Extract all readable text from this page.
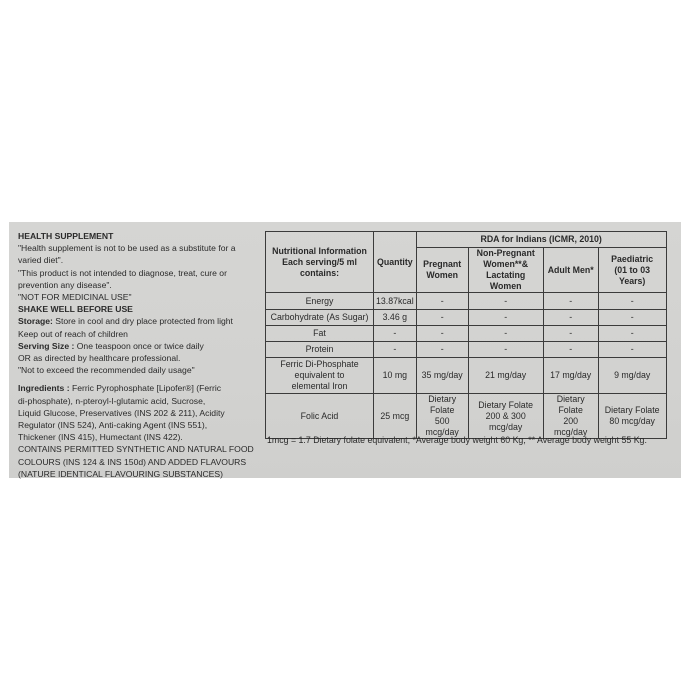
HEALTH SUPPLEMENT
"Health supplement is not to be used as a substitute for a
varied diet".
"This product is not intended to diagnose, treat, cure or
prevention any disease".
"NOT FOR MEDICINAL USE"
SHAKE WELL BEFORE USE
Storage: Store in cool and dry place protected from light
Keep out of reach of children
Serving Size : One teaspoon once or twice daily
OR as directed by healthcare professional.
"Not to exceed the recommended daily usage"
Ingredients : Ferric Pyrophosphate [Lipofer®] (Ferric
di-phosphate), n-pteroyl-l-glutamic acid, Sucrose,
Liquid Glucose, Preservatives (INS 202 & 211), Acidity
Regulator (INS 524), Anti-caking Agent (INS 551),
Thickener (INS 415), Humectant (INS 422).
CONTAINS PERMITTED SYNTHETIC AND NATURAL FOOD
COLOURS (INS 124 & INS 150d) AND ADDED FLAVOURS
(NATURE IDENTICAL FLAVOURING SUBSTANCES)
Nutritional Information
Each serving/5 ml contains:	Quantity	RDA for Indians (ICMR, 2010)			

		Pregnant
Women	Non-Pregnant
Women**&
Lactating Women	Adult Men*	Paediatric
(01 to 03 Years)

Energy	13.87kcal	-	-	-	-
Carbohydrate (As Sugar)	3.46 g	-	-	-	-
Fat	-	-	-	-	-
Protein	-	-	-	-	-

Ferric Di-Phosphate
equivalent to
elemental Iron	10 mg	35 mg/day	21 mg/day	17 mg/day	9 mg/day
Folic Acid	25 mcg	Dietary Folate
500 mcg/day	Dietary Folate
200 & 300 mcg/day	Dietary Folate
200 mcg/day	Dietary Folate
80 mcg/day
1mcg = 1.7 Dietary folate equivalent, *Average body weight 60 Kg, ** Average body weight 55 Kg.
